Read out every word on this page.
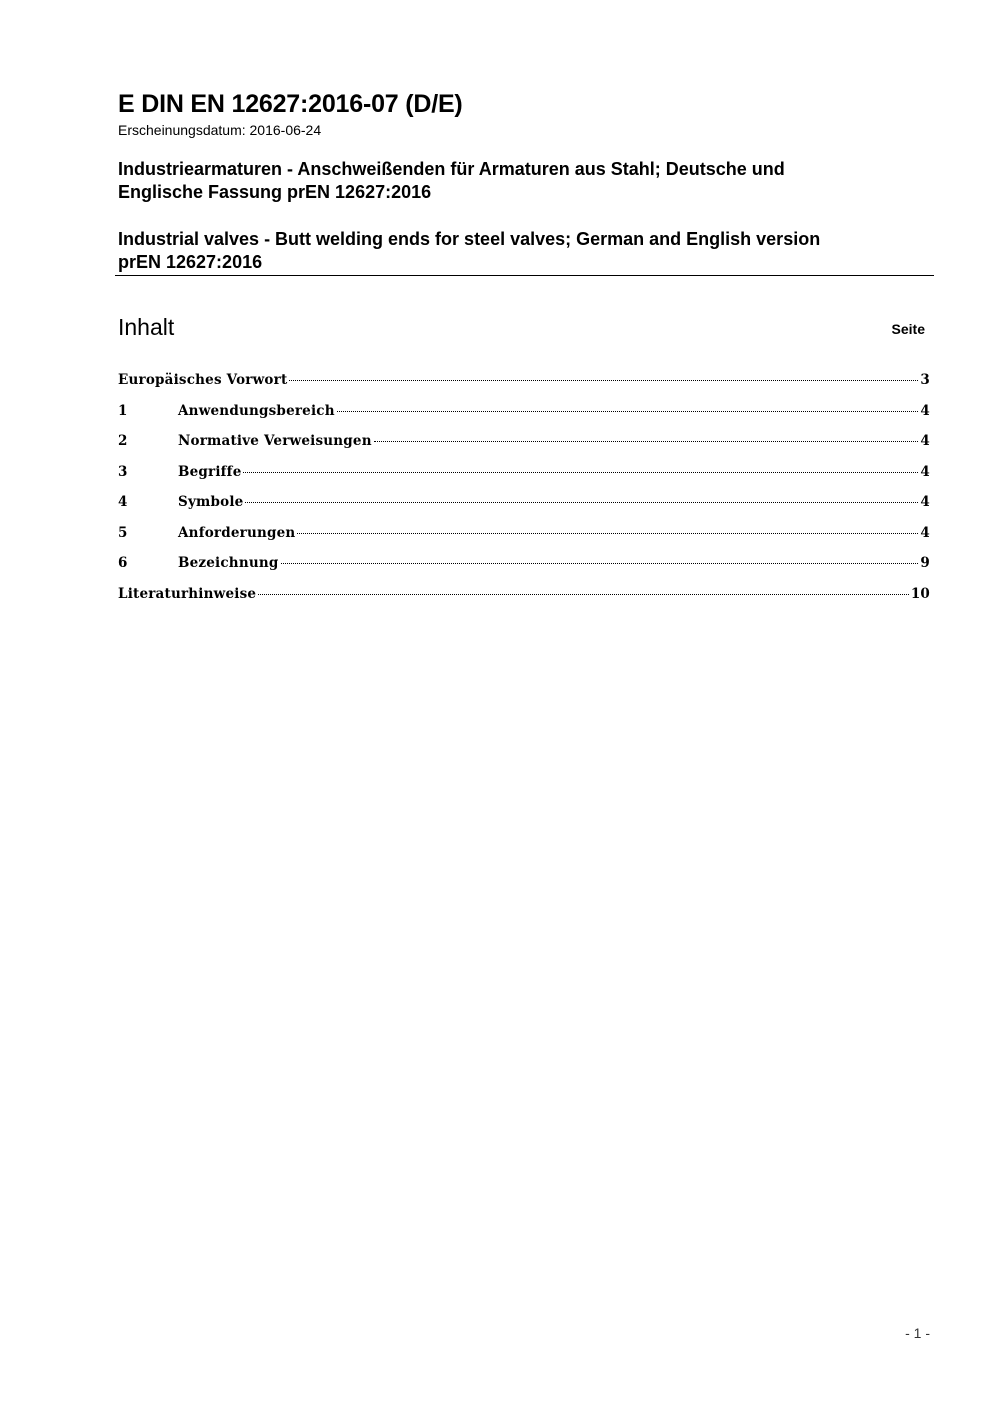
E DIN EN 12627:2016-07 (D/E)
Erscheinungsdatum: 2016-06-24
Industriearmaturen - Anschweißenden für Armaturen aus Stahl; Deutsche und
Englische Fassung prEN 12627:2016
Industrial valves - Butt welding ends for steel valves; German and English version
prEN 12627:2016
Inhalt	Seite
Europäisches Vorwort	3
1	Anwendungsbereich	4
2	Normative Verweisungen	4
3	Begriffe	4
4	Symbole	4
5	Anforderungen	4
6	Bezeichnung	9
Literaturhinweise	10
- 1 -
